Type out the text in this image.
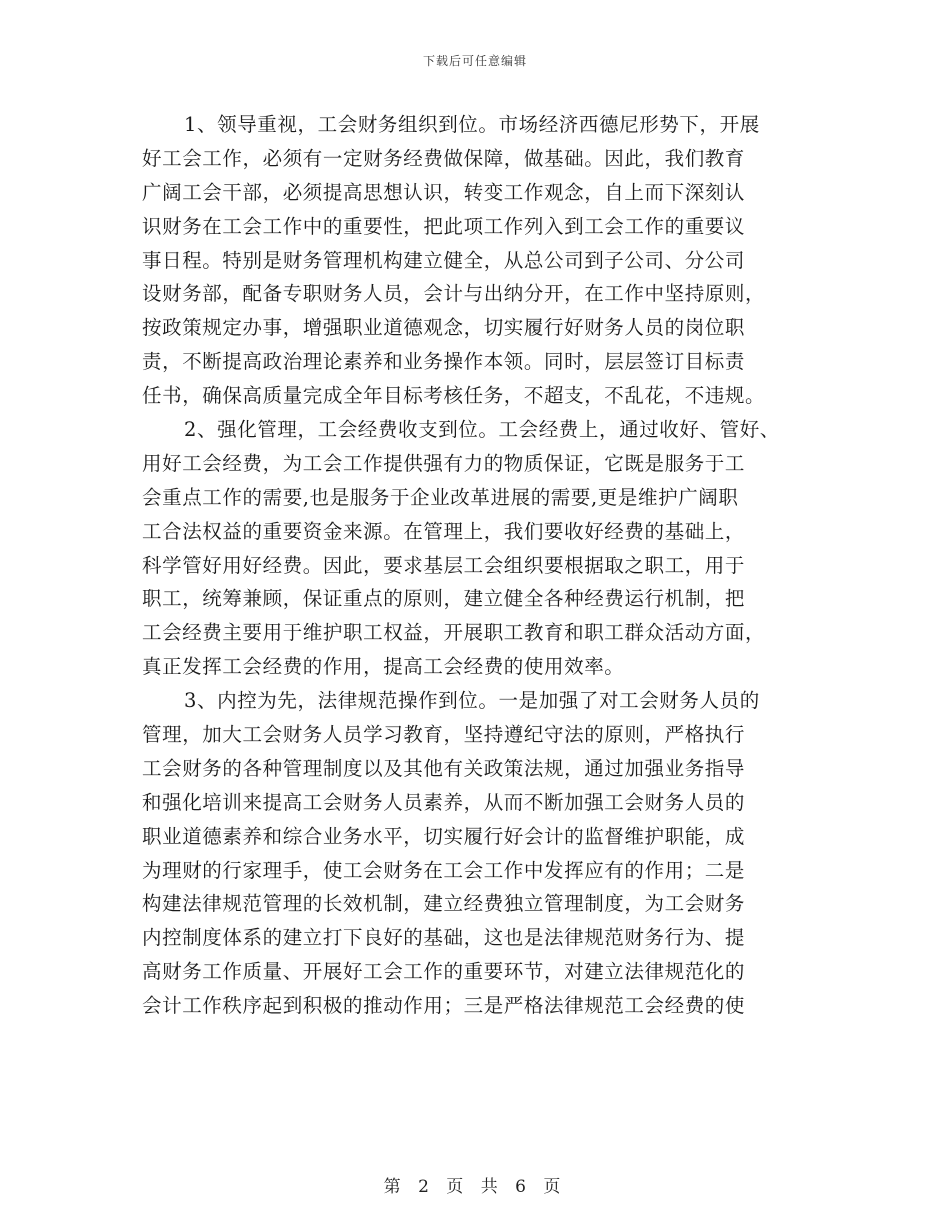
下载后可任意编辑
1、领导重视，工会财务组织到位。市场经济西德尼形势下，开展
好工会工作，必须有一定财务经费做保障，做基础。因此，我们教育
广阔工会干部，必须提高思想认识，转变工作观念，自上而下深刻认
识财务在工会工作中的重要性，把此项工作列入到工会工作的重要议
事日程。特别是财务管理机构建立健全，从总公司到子公司、分公司
设财务部，配备专职财务人员，会计与出纳分开，在工作中坚持原则，
按政策规定办事，增强职业道德观念，切实履行好财务人员的岗位职
责，不断提高政治理论素养和业务操作本领。同时，层层签订目标责
任书，确保高质量完成全年目标考核任务，不超支，不乱花，不违规。
2、强化管理，工会经费收支到位。工会经费上，通过收好、管好、
用好工会经费，为工会工作提供强有力的物质保证，它既是服务于工
会重点工作的需要,也是服务于企业改革进展的需要,更是维护广阔职
工合法权益的重要资金来源。在管理上，我们要收好经费的基础上，
科学管好用好经费。因此，要求基层工会组织要根据取之职工，用于
职工，统筹兼顾，保证重点的原则，建立健全各种经费运行机制，把
工会经费主要用于维护职工权益，开展职工教育和职工群众活动方面，
真正发挥工会经费的作用，提高工会经费的使用效率。
3、内控为先，法律规范操作到位。一是加强了对工会财务人员的
管理，加大工会财务人员学习教育，坚持遵纪守法的原则，严格执行
工会财务的各种管理制度以及其他有关政策法规，通过加强业务指导
和强化培训来提高工会财务人员素养，从而不断加强工会财务人员的
职业道德素养和综合业务水平，切实履行好会计的监督维护职能，成
为理财的行家理手，使工会财务在工会工作中发挥应有的作用；二是
构建法律规范管理的长效机制，建立经费独立管理制度，为工会财务
内控制度体系的建立打下良好的基础，这也是法律规范财务行为、提
高财务工作质量、开展好工会工作的重要环节，对建立法律规范化的
会计工作秩序起到积极的推动作用；三是严格法律规范工会经费的使
第 2 页 共 6 页
